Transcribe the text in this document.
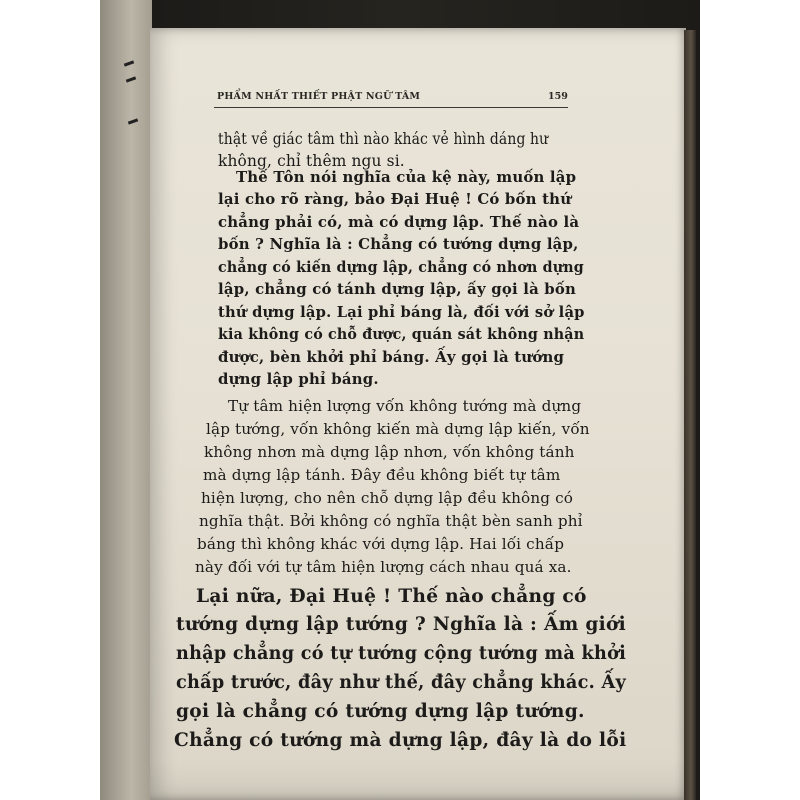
PHẨM NHẤT THIẾT PHẬT NGỮ TÂM	159
thật về giác tâm thì nào khác vẻ hình dáng hư
không, chỉ thêm ngu si.
Thế Tôn nói nghĩa của kệ này, muốn lập
lại cho rõ ràng, bảo Đại Huệ ! Có bốn thứ
chẳng phải có, mà có dựng lập. Thế nào là
bốn ? Nghĩa là : Chẳng có tướng dựng lập,
chẳng có kiến dựng lập, chẳng có nhơn dựng
lập, chẳng có tánh dựng lập, ấy gọi là bốn
thứ dựng lập. Lại phỉ báng là, đối với sở lập
kia không có chỗ được, quán sát không nhận
được, bèn khởi phỉ báng. Ấy gọi là tướng
dựng lập phỉ báng.
Tự tâm hiện lượng vốn không tướng mà dựng
lập tướng, vốn không kiến mà dựng lập kiến, vốn
không nhơn mà dựng lập nhơn, vốn không tánh
mà dựng lập tánh. Đây đều không biết tự tâm
hiện lượng, cho nên chỗ dựng lập đều không có
nghĩa thật. Bởi không có nghĩa thật bèn sanh phỉ
báng thì không khác với dựng lập. Hai lối chấp
này đối với tự tâm hiện lượng cách nhau quá xa.
Lại nữa, Đại Huệ ! Thế nào chẳng có
tướng dựng lập tướng ? Nghĩa là : Ấm giới
nhập chẳng có tự tướng cộng tướng mà khởi
chấp trước, đây như thế, đây chẳng khác. Ấy
gọi là chẳng có tướng dựng lập tướng.
Chẳng có tướng mà dựng lập, đây là do lỗi
